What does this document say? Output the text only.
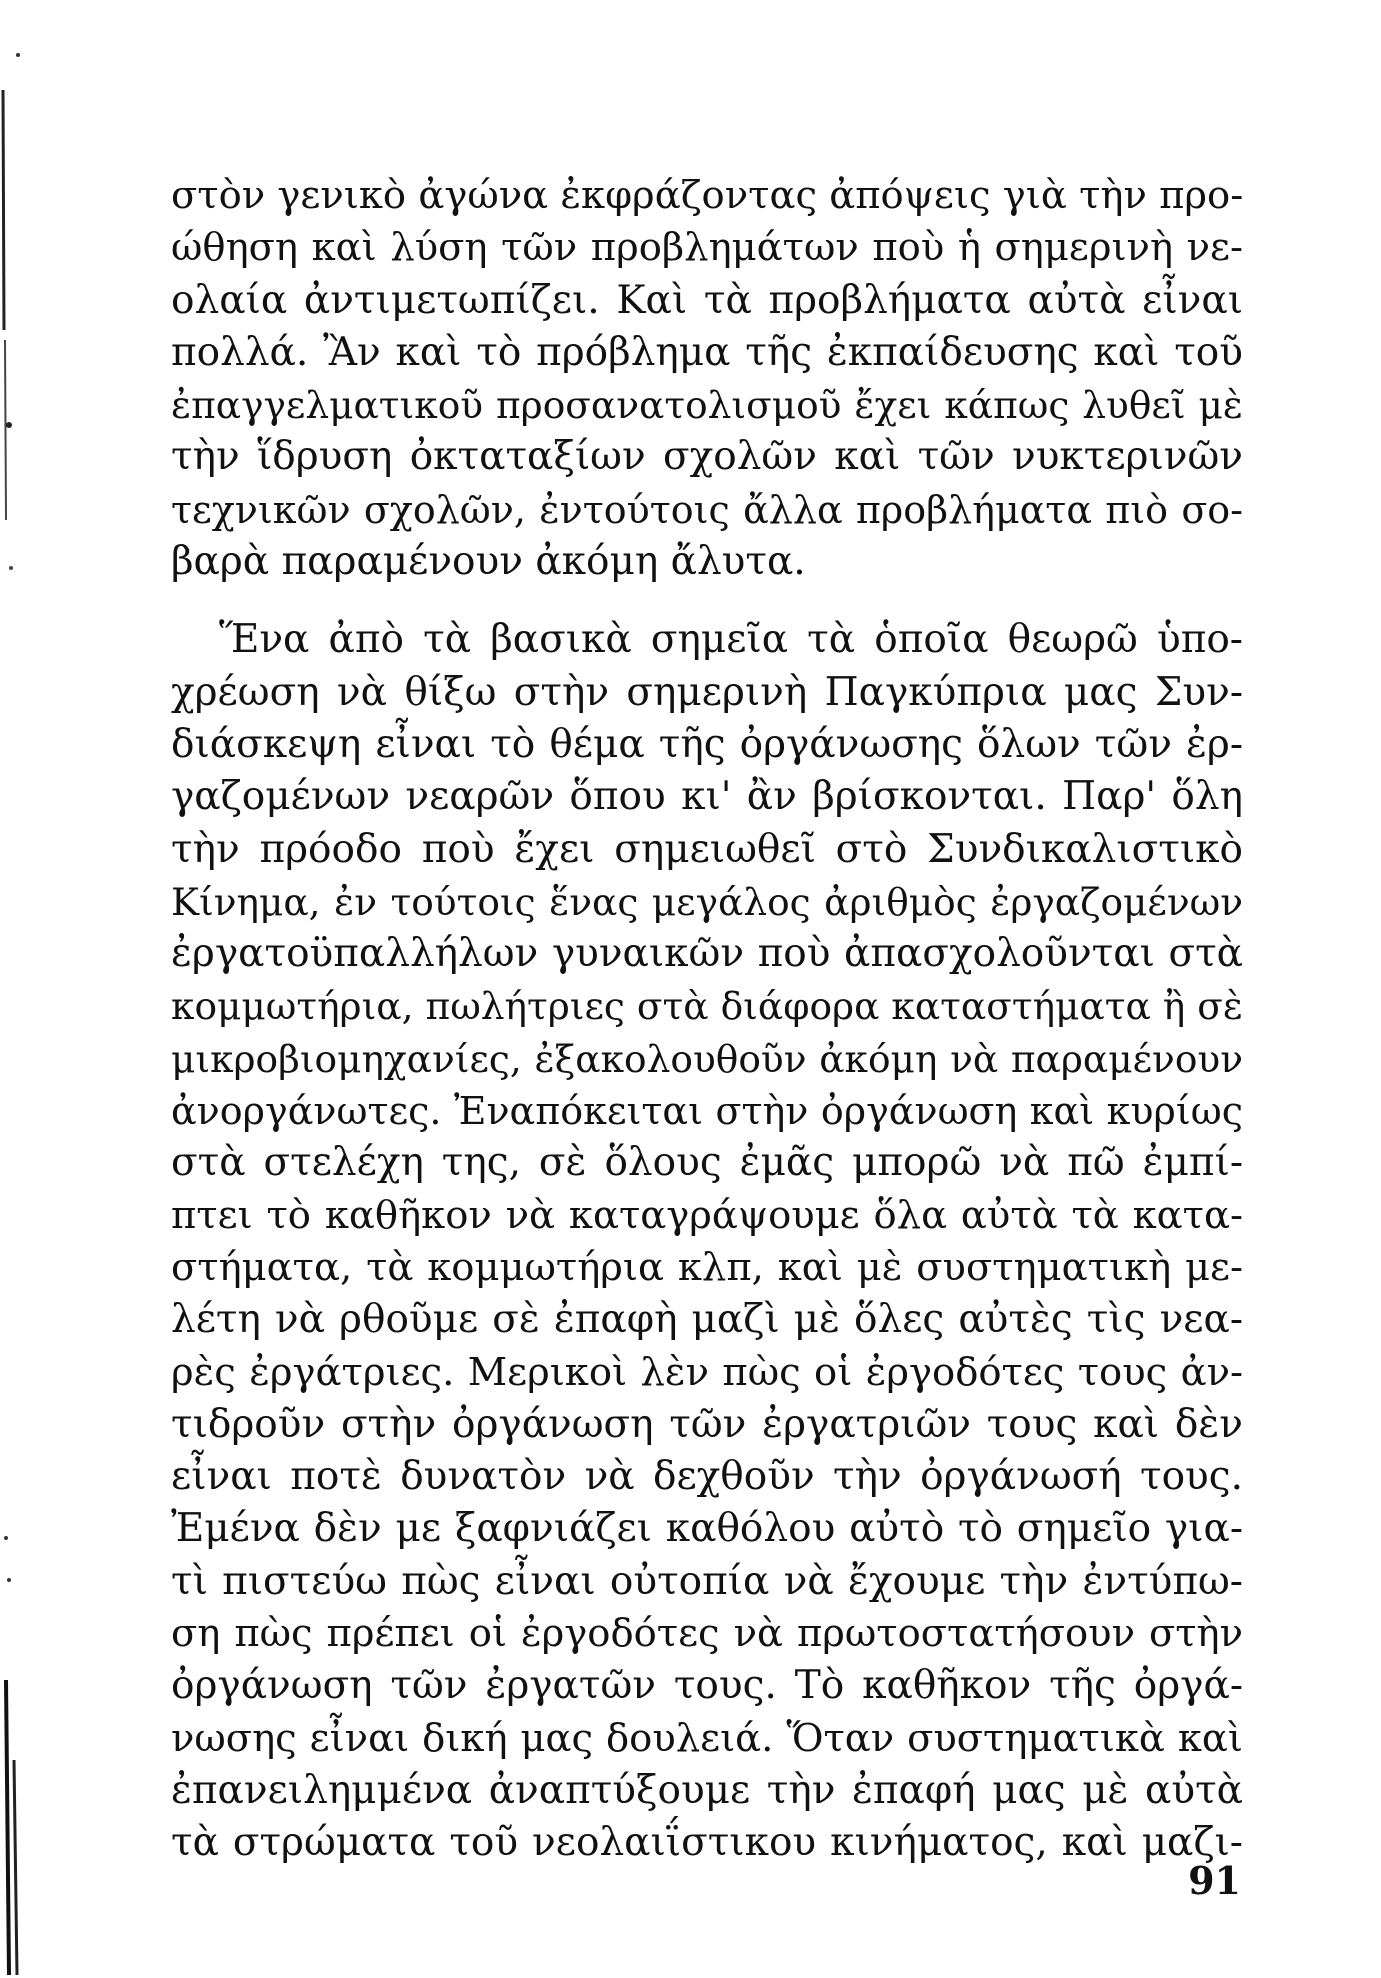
στὸν γενικὸ ἀγώνα ἐκφράζοντας ἀπόψεις γιὰ τὴν προ-
ώθηση καὶ λύση τῶν προβλημάτων ποὺ ἡ σημερινὴ νε-
ολαία ἀντιμετωπίζει. Καὶ τὰ προβλήματα αὐτὰ εἶναι
πολλά. Ἂν καὶ τὸ πρόβλημα τῆς ἐκπαίδευσης καὶ τοῦ
ἐπαγγελματικοῦ προσανατολισμοῦ ἔχει κάπως λυθεῖ μὲ
τὴν ἵδρυση ὀκταταξίων σχολῶν καὶ τῶν νυκτερινῶν
τεχνικῶν σχολῶν, ἐντούτοις ἄλλα προβλήματα πιὸ σο-
βαρὰ παραμένουν ἀκόμη ἄλυτα.
Ἕνα ἀπὸ τὰ βασικὰ σημεῖα τὰ ὁποῖα θεωρῶ ὑπο-
χρέωση νὰ θίξω στὴν σημερινὴ Παγκύπρια μας Συν-
διάσκεψη εἶναι τὸ θέμα τῆς ὀργάνωσης ὅλων τῶν ἐρ-
γαζομένων νεαρῶν ὅπου κι' ἂν βρίσκονται. Παρ' ὅλη
τὴν πρόοδο ποὺ ἔχει σημειωθεῖ στὸ Συνδικαλιστικὸ
Κίνημα, ἐν τούτοις ἕνας μεγάλος ἀριθμὸς ἐργαζομένων
ἐργατοϋπαλλήλων γυναικῶν ποὺ ἀπασχολοῦνται στὰ
κομμωτήρια, πωλήτριες στὰ διάφορα καταστήματα ἢ σὲ
μικροβιομηχανίες, ἐξακολουθοῦν ἀκόμη νὰ παραμένουν
ἀνοργάνωτες. Ἐναπόκειται στὴν ὀργάνωση καὶ κυρίως
στὰ στελέχη της, σὲ ὅλους ἐμᾶς μπορῶ νὰ πῶ ἐμπί-
πτει τὸ καθῆκον νὰ καταγράψουμε ὅλα αὐτὰ τὰ κατα-
στήματα, τὰ κομμωτήρια κλπ, καὶ μὲ συστηματικὴ με-
λέτη νὰ ρθοῦμε σὲ ἐπαφὴ μαζὶ μὲ ὅλες αὐτὲς τὶς νεα-
ρὲς ἐργάτριες. Μερικοὶ λὲν πὼς οἱ ἐργοδότες τους ἀν-
τιδροῦν στὴν ὀργάνωση τῶν ἐργατριῶν τους καὶ δὲν
εἶναι ποτὲ δυνατὸν νὰ δεχθοῦν τὴν ὀργάνωσή τους.
Ἐμένα δὲν με ξαφνιάζει καθόλου αὐτὸ τὸ σημεῖο για-
τὶ πιστεύω πὼς εἶναι οὐτοπία νὰ ἔχουμε τὴν ἐντύπω-
ση πὼς πρέπει οἱ ἐργοδότες νὰ πρωτοστατήσουν στὴν
ὀργάνωση τῶν ἐργατῶν τους. Τὸ καθῆκον τῆς ὀργά-
νωσης εἶναι δική μας δουλειά. Ὅταν συστηματικὰ καὶ
ἐπανειλημμένα ἀναπτύξουμε τὴν ἐπαφή μας μὲ αὐτὰ
τὰ στρώματα τοῦ νεολαιΐστικου κινήματος, καὶ μαζι-
91
